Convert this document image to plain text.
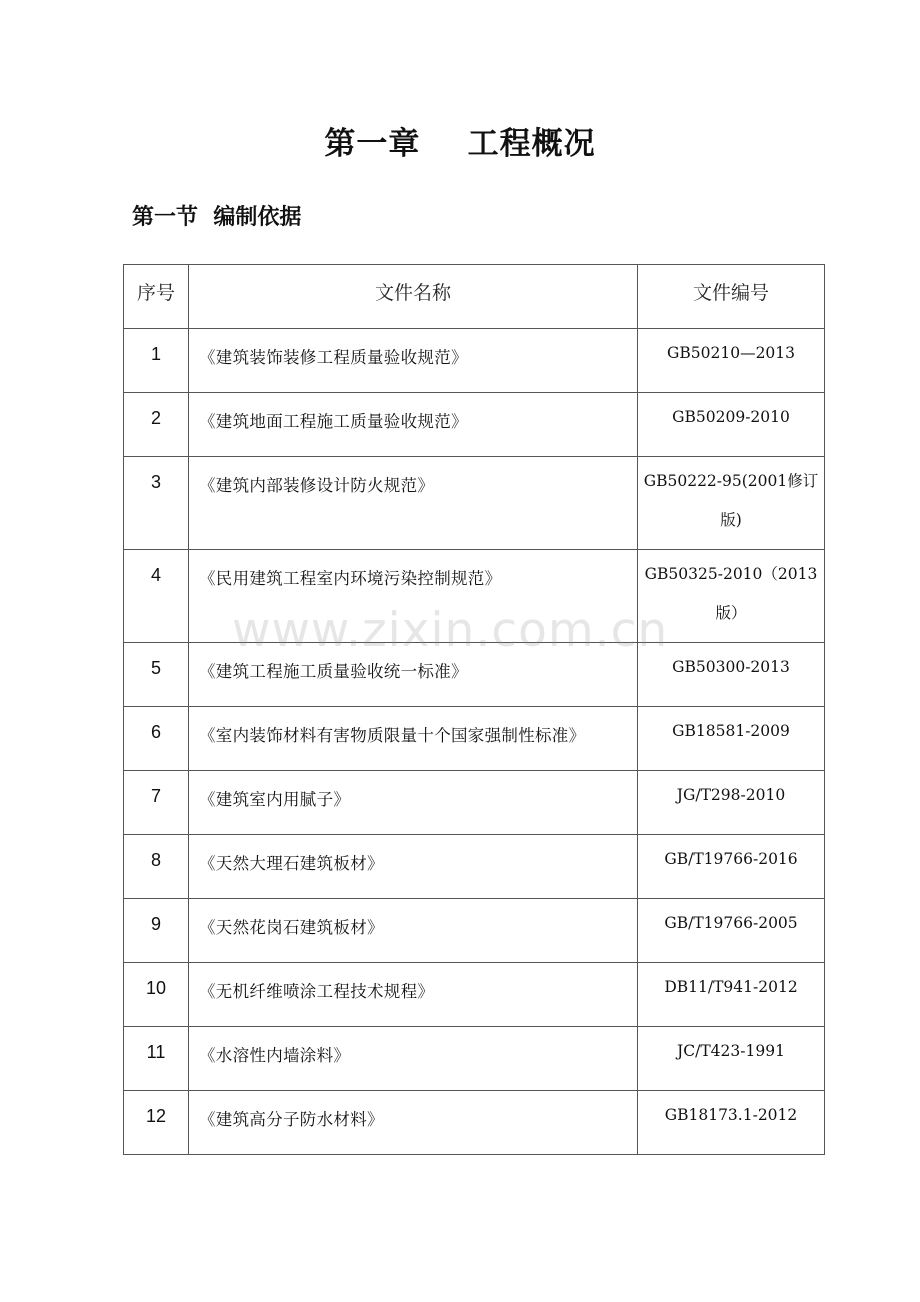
第一章    工程概况
第一节  编制依据
序号	文件名称	文件编号
1	《建筑装饰装修工程质量验收规范》	GB50210—2013

2	《建筑地面工程施工质量验收规范》	GB50209-2010

3	《建筑内部装修设计防火规范》	GB50222-95(2001修订版)

4	《民用建筑工程室内环境污染控制规范》	GB50325-2010（2013版）

5	《建筑工程施工质量验收统一标准》	GB50300-2013

6	《室内装饰材料有害物质限量十个国家强制性标准》	GB18581-2009

7	《建筑室内用腻子》	JG/T298-2010

8	《天然大理石建筑板材》	GB/T19766-2016

9	《天然花岗石建筑板材》	GB/T19766-2005

10	《无机纤维喷涂工程技术规程》	DB11/T941-2012

11	《水溶性内墙涂料》	JC/T423-1991

12	《建筑高分子防水材料》	GB18173.1-2012
www.zixin.com.cn
